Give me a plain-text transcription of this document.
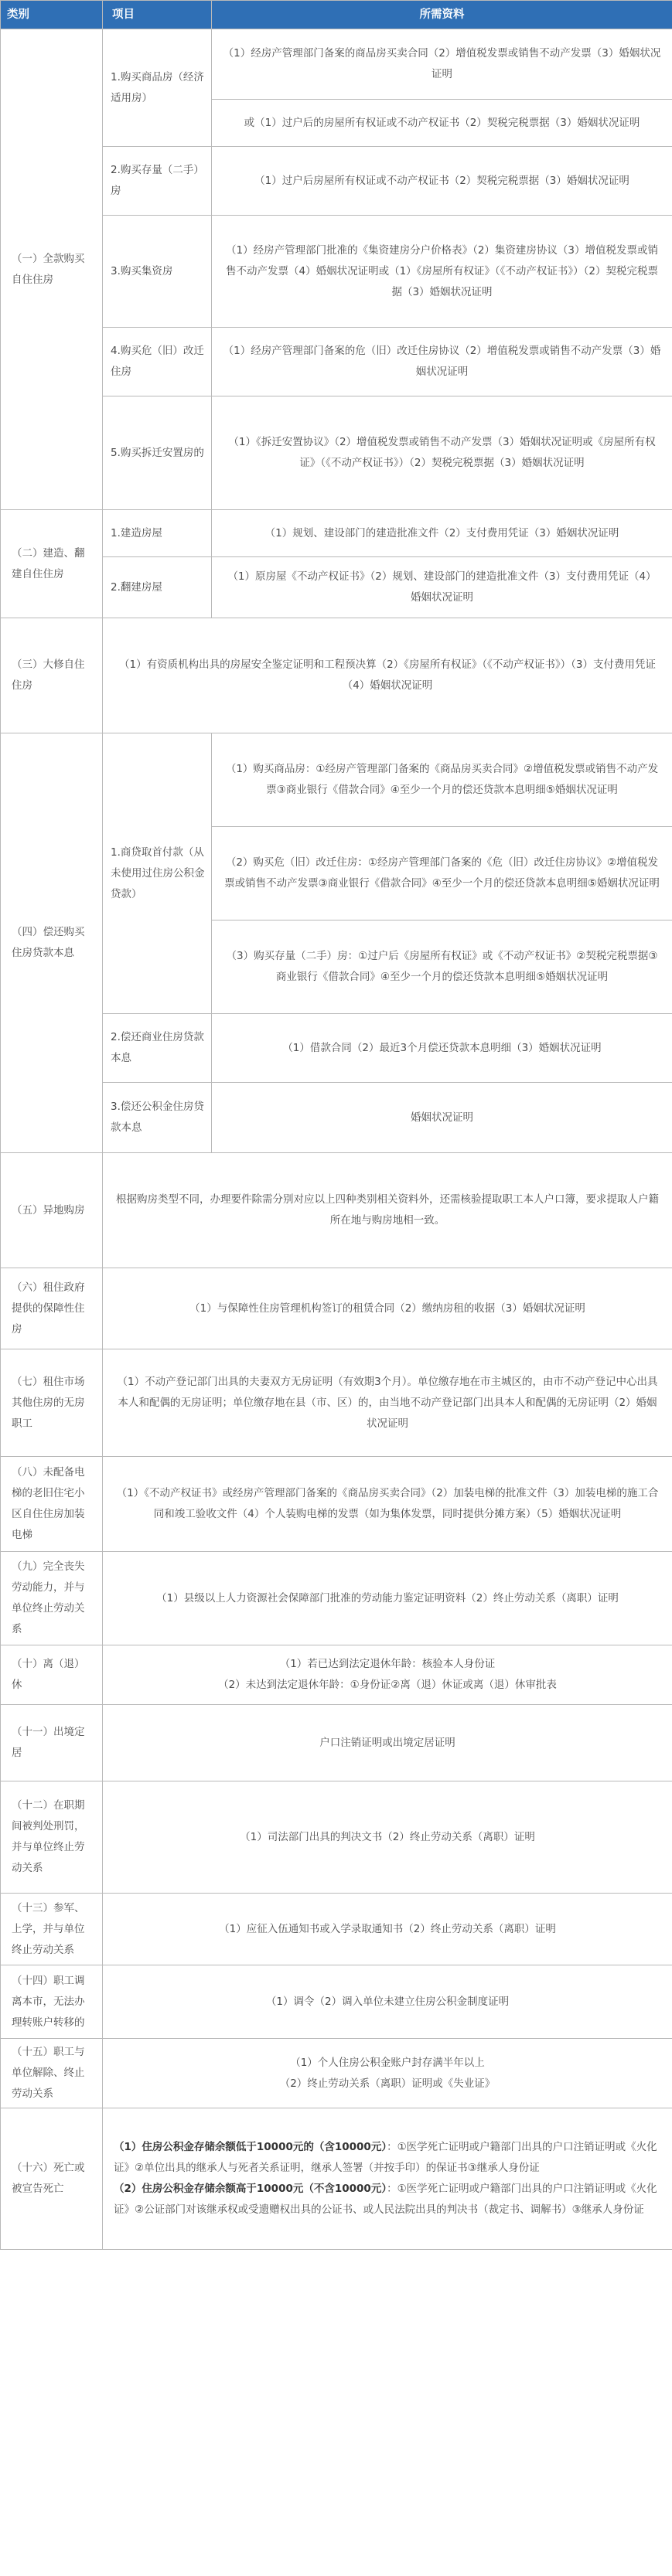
类别	项目	所需资料
（一）全款购买自住住房	1.购买商品房（经济适用房）	（1）经房产管理部门备案的商品房买卖合同（2）增值税发票或销售不动产发票（3）婚姻状况证明
		或（1）过户后的房屋所有权证或不动产权证书（2）契税完税票据（3）婚姻状况证明
	2.购买存量（二手）房	（1）过户后房屋所有权证或不动产权证书（2）契税完税票据（3）婚姻状况证明
	3.购买集资房	（1）经房产管理部门批准的《集资建房分户价格表》（2）集资建房协议（3）增值税发票或销售不动产发票（4）婚姻状况证明或（1）《房屋所有权证》（《不动产权证书》）（2）契税完税票据（3）婚姻状况证明
	4.购买危（旧）改迁住房	（1）经房产管理部门备案的危（旧）改迁住房协议（2）增值税发票或销售不动产发票（3）婚姻状况证明
	5.购买拆迁安置房的	（1）《拆迁安置协议》（2）增值税发票或销售不动产发票（3）婚姻状况证明或《房屋所有权证》（《不动产权证书》）（2）契税完税票据（3）婚姻状况证明
（二）建造、翻建自住住房	1.建造房屋	（1）规划、建设部门的建造批准文件（2）支付费用凭证（3）婚姻状况证明
	2.翻建房屋	（1）原房屋《不动产权证书》（2）规划、建设部门的建造批准文件（3）支付费用凭证（4）婚姻状况证明
（三）大修自住住房	（1）有资质机构出具的房屋安全鉴定证明和工程预决算（2）《房屋所有权证》（《不动产权证书》）（3）支付费用凭证（4）婚姻状况证明	
（四）偿还购买住房贷款本息	1.商贷取首付款（从未使用过住房公积金贷款）	（1）购买商品房：①经房产管理部门备案的《商品房买卖合同》②增值税发票或销售不动产发票③商业银行《借款合同》④至少一个月的偿还贷款本息明细⑤婚姻状况证明
		（2）购买危（旧）改迁住房：①经房产管理部门备案的《危（旧）改迁住房协议》②增值税发票或销售不动产发票③商业银行《借款合同》④至少一个月的偿还贷款本息明细⑤婚姻状况证明
		（3）购买存量（二手）房：①过户后《房屋所有权证》或《不动产权证书》②契税完税票据③商业银行《借款合同》④至少一个月的偿还贷款本息明细⑤婚姻状况证明
	2.偿还商业住房贷款本息	（1）借款合同（2）最近3个月偿还贷款本息明细（3）婚姻状况证明
	3.偿还公积金住房贷款本息	婚姻状况证明
（五）异地购房	根据购房类型不同，办理要件除需分别对应以上四种类别相关资料外，还需核验提取职工本人户口簿，要求提取人户籍所在地与购房地相一致。	
（六）租住政府提供的保障性住房	（1）与保障性住房管理机构签订的租赁合同（2）缴纳房租的收据（3）婚姻状况证明	
（七）租住市场其他住房的无房职工	（1）不动产登记部门出具的夫妻双方无房证明（有效期3个月）。单位缴存地在市主城区的，由市不动产登记中心出具本人和配偶的无房证明；单位缴存地在县（市、区）的，由当地不动产登记部门出具本人和配偶的无房证明（2）婚姻状况证明	
（八）未配备电梯的老旧住宅小区自住住房加装电梯	（1）《不动产权证书》或经房产管理部门备案的《商品房买卖合同》（2）加装电梯的批准文件（3）加装电梯的施工合同和竣工验收文件（4）个人装购电梯的发票（如为集体发票，同时提供分摊方案）（5）婚姻状况证明	
（九）完全丧失劳动能力，并与单位终止劳动关系	（1）县级以上人力资源社会保障部门批准的劳动能力鉴定证明资料（2）终止劳动关系（离职）证明	
（十）离（退）休	（1）若已达到法定退休年龄：核验本人身份证
（2）未达到法定退休年龄：①身份证②离（退）休证或离（退）休审批表	

（十一）出境定居	户口注销证明或出境定居证明	
（十二）在职期间被判处刑罚，并与单位终止劳动关系	（1）司法部门出具的判决文书（2）终止劳动关系（离职）证明	
（十三）参军、上学，并与单位终止劳动关系	（1）应征入伍通知书或入学录取通知书（2）终止劳动关系（离职）证明	
（十四）职工调离本市，无法办理转账户转移的	（1）调令（2）调入单位未建立住房公积金制度证明	
（十五）职工与单位解除、终止劳动关系	（1）个人住房公积金账户封存满半年以上
（2）终止劳动关系（离职）证明或《失业证》	

（十六）死亡或被宣告死亡	（1）住房公积金存储余额低于10000元的（含10000元）：①医学死亡证明或户籍部门出具的户口注销证明或《火化证》②单位出具的继承人与死者关系证明，继承人签署（并按手印）的保证书③继承人身份证
（2）住房公积金存储余额高于10000元（不含10000元）：①医学死亡证明或户籍部门出具的户口注销证明或《火化证》②公证部门对该继承权或受遗赠权出具的公证书、或人民法院出具的判决书（裁定书、调解书）③继承人身份证	
